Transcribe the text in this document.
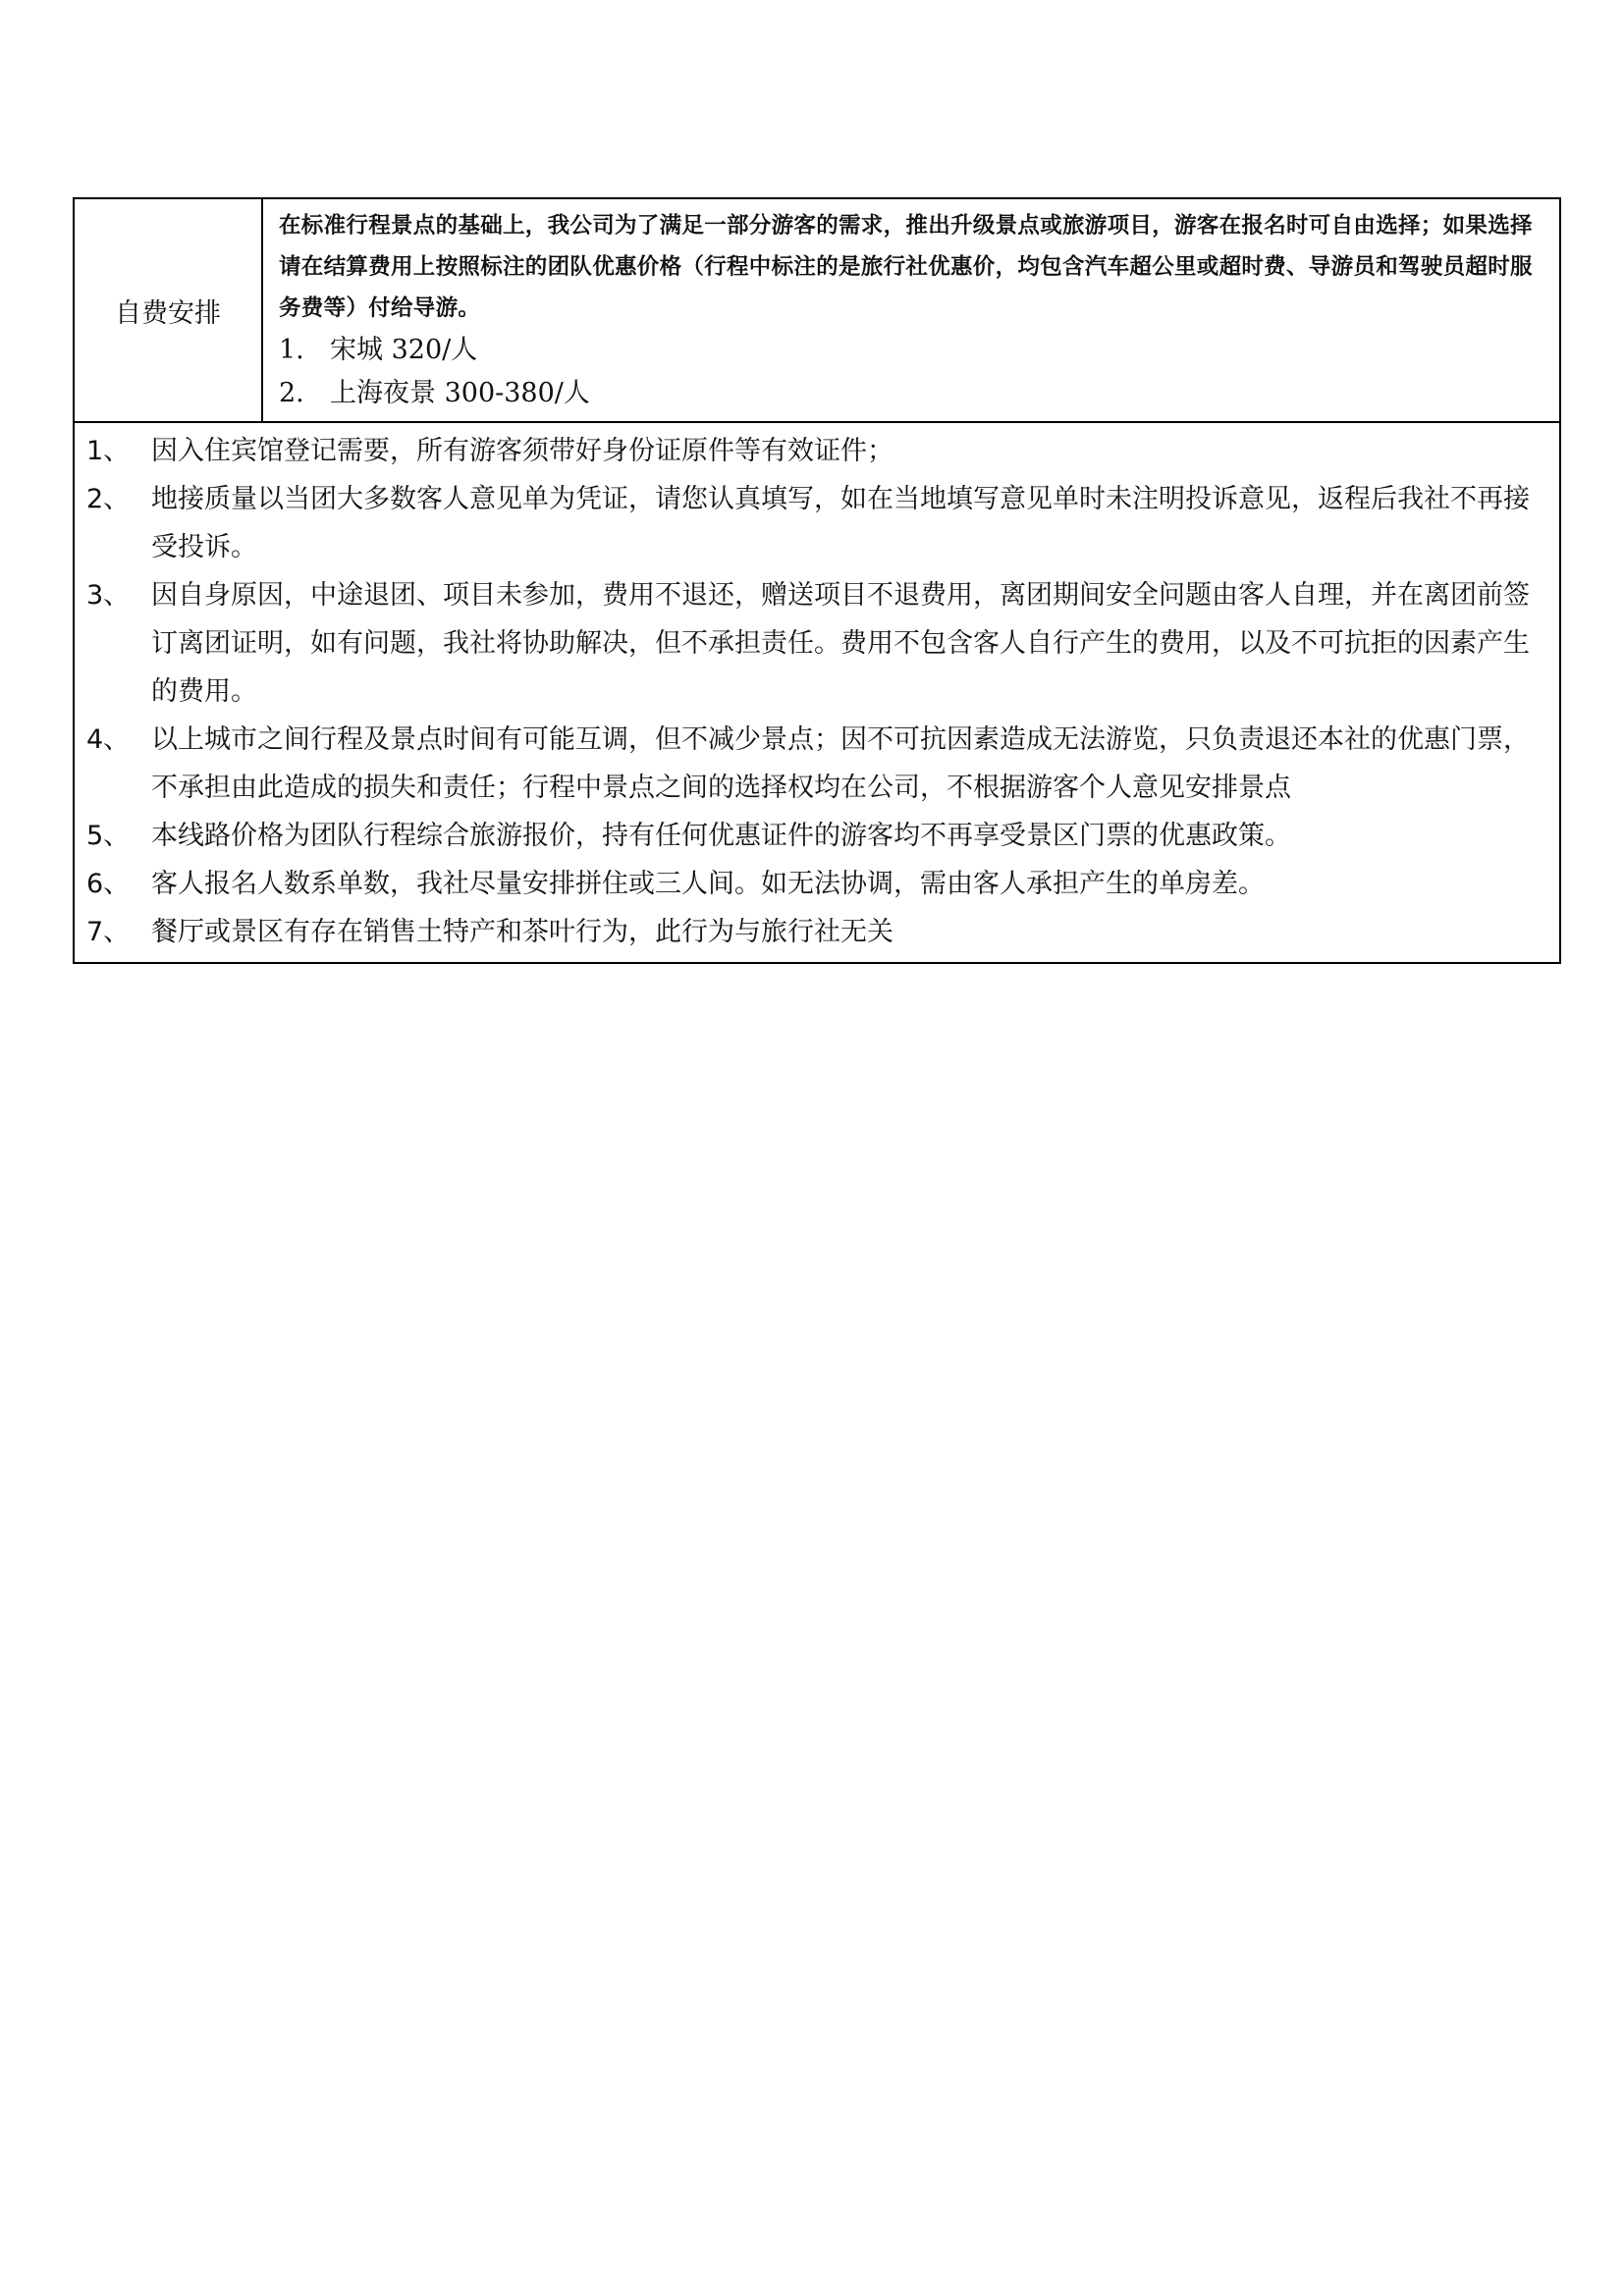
自费安排	
在标准行程景点的基础上，我公司为了满足一部分游客的需求，推出升级景点或旅游项目，游客在报名时可自由选择；如果选择请在结算费用上按照标注的团队优惠价格（行程中标注的是旅行社优惠价，均包含汽车超公里或超时费、导游员和驾驶员超时服务费等）付给导游。
1. 宋城 320/人
2. 上海夜景 300-380/人

1、 因入住宾馆登记需要，所有游客须带好身份证原件等有效证件；
2、 地接质量以当团大多数客人意见单为凭证，请您认真填写，如在当地填写意见单时未注明投诉意见，返程后我社不再接受投诉。
3、 因自身原因，中途退团、项目未参加，费用不退还，赠送项目不退费用，离团期间安全问题由客人自理，并在离团前签订离团证明，如有问题，我社将协助解决，但不承担责任。费用不包含客人自行产生的费用，以及不可抗拒的因素产生的费用。
4、 以上城市之间行程及景点时间有可能互调，但不减少景点；因不可抗因素造成无法游览，只负责退还本社的优惠门票，不承担由此造成的损失和责任；行程中景点之间的选择权均在公司，不根据游客个人意见安排景点
5、 本线路价格为团队行程综合旅游报价，持有任何优惠证件的游客均不再享受景区门票的优惠政策。
6、 客人报名人数系单数，我社尽量安排拼住或三人间。如无法协调，需由客人承担产生的单房差。
7、 餐厅或景区有存在销售土特产和茶叶行为，此行为与旅行社无关
